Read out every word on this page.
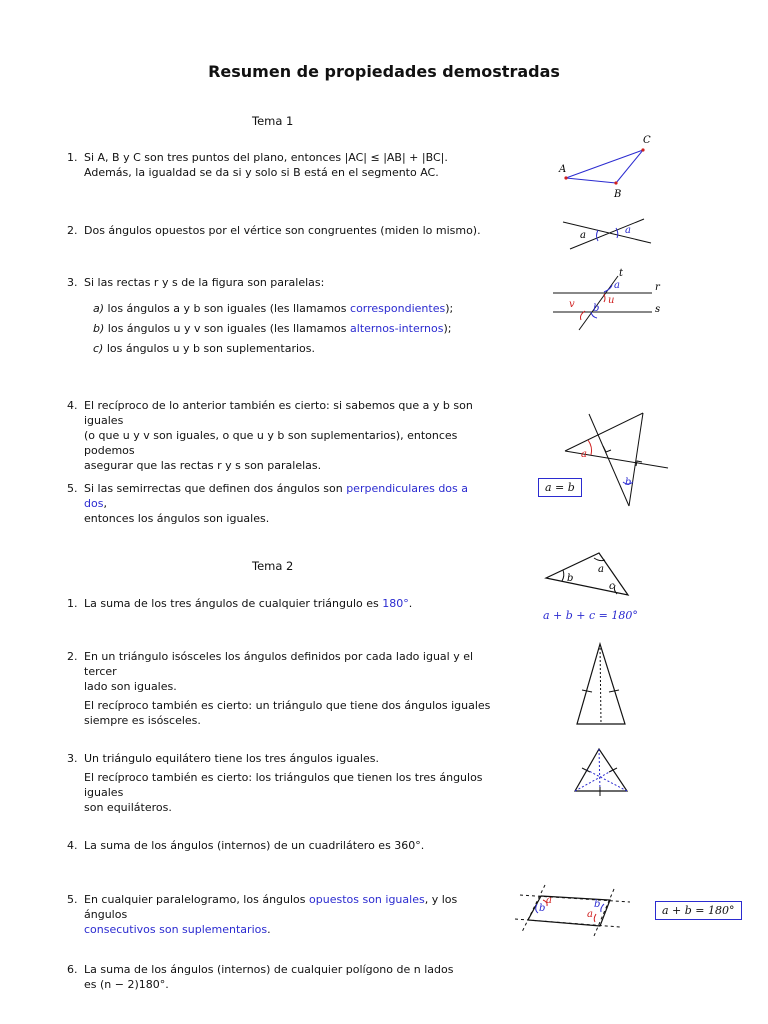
Resumen de propiedades demostradas
Tema 1
1. Si A, B y C son tres puntos del plano, entonces |AC| ≤ |AB| + |BC|.

Además, la igualdad se da si y solo si B está en el segmento AC.

2. Dos ángulos opuestos por el vértice son congruentes (miden lo mismo).

3. Si las rectas r y s de la figura son paralelas:

a) los ángulos a y b son iguales (les llamamos correspondientes);

b) los ángulos u y v son iguales (les llamamos alternos-internos);

c) los ángulos u y b son suplementarios.

4. El recíproco de lo anterior también es cierto: si sabemos que a y b son iguales

(o que u y v son iguales, o que u y b son suplementarios), entonces podemos

asegurar que las rectas r y s son paralelas.

5. Si las semirrectas que definen dos ángulos son perpendiculares dos a dos,

entonces los ángulos son iguales.

a = b
Tema 2
1. La suma de los tres ángulos de cualquier triángulo es 180°.

a + b + c = 180°
2. En un triángulo isósceles los ángulos definidos por cada lado igual y el tercer

lado son iguales.

El recíproco también es cierto: un triángulo que tiene dos ángulos iguales

siempre es isósceles.

3. Un triángulo equilátero tiene los tres ángulos iguales.

El recíproco también es cierto: los triángulos que tienen los tres ángulos iguales

son equiláteros.

4. La suma de los ángulos (internos) de un cuadrilátero es 360°.

5. En cualquier paralelogramo, los ángulos opuestos son iguales, y los ángulos

consecutivos son suplementarios.

a + b = 180°
6. La suma de los ángulos (internos) de cualquier polígono de n lados

es (n − 2)180°.

A
B
C
a	a
t
r
s
a
u
v b
a
b
a
b
c
a
b	b
a
